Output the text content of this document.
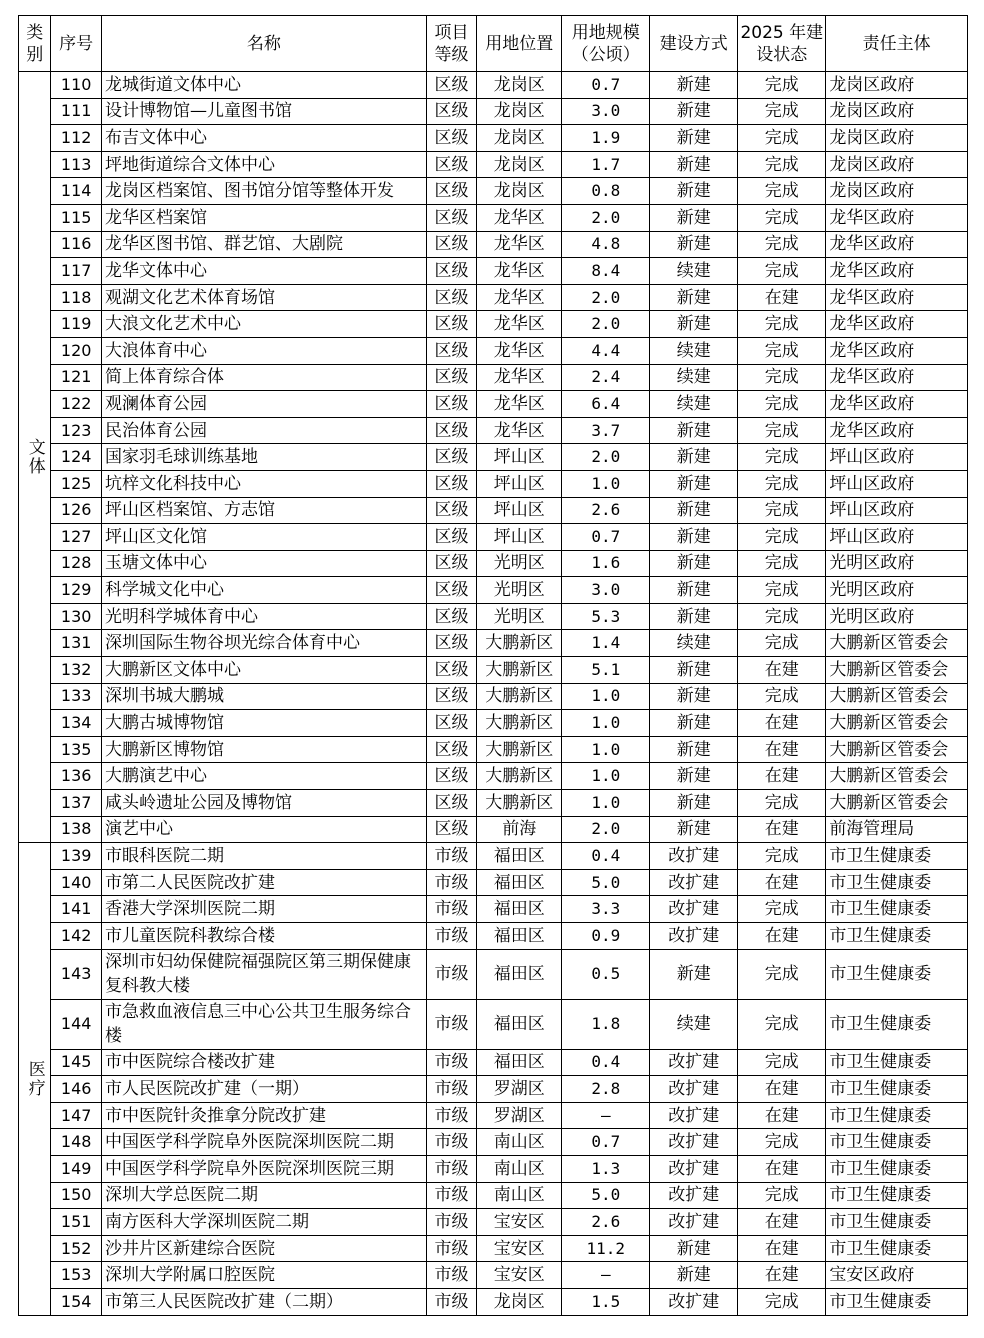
类别	序号	名称	项目等级	用地位置	用地规模（公顷）	建设方式	2025 年建设状态	责任主体
文体	110	龙城街道文体中心	区级	龙岗区	0.7	新建	完成	龙岗区政府
	111	设计博物馆—儿童图书馆	区级	龙岗区	3.0	新建	完成	龙岗区政府
	112	布吉文体中心	区级	龙岗区	1.9	新建	完成	龙岗区政府
	113	坪地街道综合文体中心	区级	龙岗区	1.7	新建	完成	龙岗区政府
	114	龙岗区档案馆、图书馆分馆等整体开发	区级	龙岗区	0.8	新建	完成	龙岗区政府
	115	龙华区档案馆	区级	龙华区	2.0	新建	完成	龙华区政府
	116	龙华区图书馆、群艺馆、大剧院	区级	龙华区	4.8	新建	完成	龙华区政府
	117	龙华文体中心	区级	龙华区	8.4	续建	完成	龙华区政府
	118	观湖文化艺术体育场馆	区级	龙华区	2.0	新建	在建	龙华区政府
	119	大浪文化艺术中心	区级	龙华区	2.0	新建	完成	龙华区政府
	120	大浪体育中心	区级	龙华区	4.4	续建	完成	龙华区政府
	121	简上体育综合体	区级	龙华区	2.4	续建	完成	龙华区政府
	122	观澜体育公园	区级	龙华区	6.4	续建	完成	龙华区政府
	123	民治体育公园	区级	龙华区	3.7	新建	完成	龙华区政府
	124	国家羽毛球训练基地	区级	坪山区	2.0	新建	完成	坪山区政府
	125	坑梓文化科技中心	区级	坪山区	1.0	新建	完成	坪山区政府
	126	坪山区档案馆、方志馆	区级	坪山区	2.6	新建	完成	坪山区政府
	127	坪山区文化馆	区级	坪山区	0.7	新建	完成	坪山区政府
	128	玉塘文体中心	区级	光明区	1.6	新建	完成	光明区政府
	129	科学城文化中心	区级	光明区	3.0	新建	完成	光明区政府
	130	光明科学城体育中心	区级	光明区	5.3	新建	完成	光明区政府
	131	深圳国际生物谷坝光综合体育中心	区级	大鹏新区	1.4	续建	完成	大鹏新区管委会
	132	大鹏新区文体中心	区级	大鹏新区	5.1	新建	在建	大鹏新区管委会
	133	深圳书城大鹏城	区级	大鹏新区	1.0	新建	完成	大鹏新区管委会
	134	大鹏古城博物馆	区级	大鹏新区	1.0	新建	在建	大鹏新区管委会
	135	大鹏新区博物馆	区级	大鹏新区	1.0	新建	在建	大鹏新区管委会
	136	大鹏演艺中心	区级	大鹏新区	1.0	新建	在建	大鹏新区管委会
	137	咸头岭遗址公园及博物馆	区级	大鹏新区	1.0	新建	完成	大鹏新区管委会
	138	演艺中心	区级	前海	2.0	新建	在建	前海管理局
医疗	139	市眼科医院二期	市级	福田区	0.4	改扩建	完成	市卫生健康委
	140	市第二人民医院改扩建	市级	福田区	5.0	改扩建	在建	市卫生健康委
	141	香港大学深圳医院二期	市级	福田区	3.3	改扩建	完成	市卫生健康委
	142	市儿童医院科教综合楼	市级	福田区	0.9	改扩建	在建	市卫生健康委
	143	深圳市妇幼保健院福强院区第三期保健康复科教大楼	市级	福田区	0.5	新建	完成	市卫生健康委
	144	市急救血液信息三中心公共卫生服务综合楼	市级	福田区	1.8	续建	完成	市卫生健康委
	145	市中医院综合楼改扩建	市级	福田区	0.4	改扩建	完成	市卫生健康委
	146	市人民医院改扩建（一期）	市级	罗湖区	2.8	改扩建	在建	市卫生健康委
	147	市中医院针灸推拿分院改扩建	市级	罗湖区	—	改扩建	在建	市卫生健康委
	148	中国医学科学院阜外医院深圳医院二期	市级	南山区	0.7	改扩建	完成	市卫生健康委
	149	中国医学科学院阜外医院深圳医院三期	市级	南山区	1.3	改扩建	在建	市卫生健康委
	150	深圳大学总医院二期	市级	南山区	5.0	改扩建	完成	市卫生健康委
	151	南方医科大学深圳医院二期	市级	宝安区	2.6	改扩建	在建	市卫生健康委
	152	沙井片区新建综合医院	市级	宝安区	11.2	新建	在建	市卫生健康委
	153	深圳大学附属口腔医院	市级	宝安区	—	新建	在建	宝安区政府
	154	市第三人民医院改扩建（二期）	市级	龙岗区	1.5	改扩建	完成	市卫生健康委
